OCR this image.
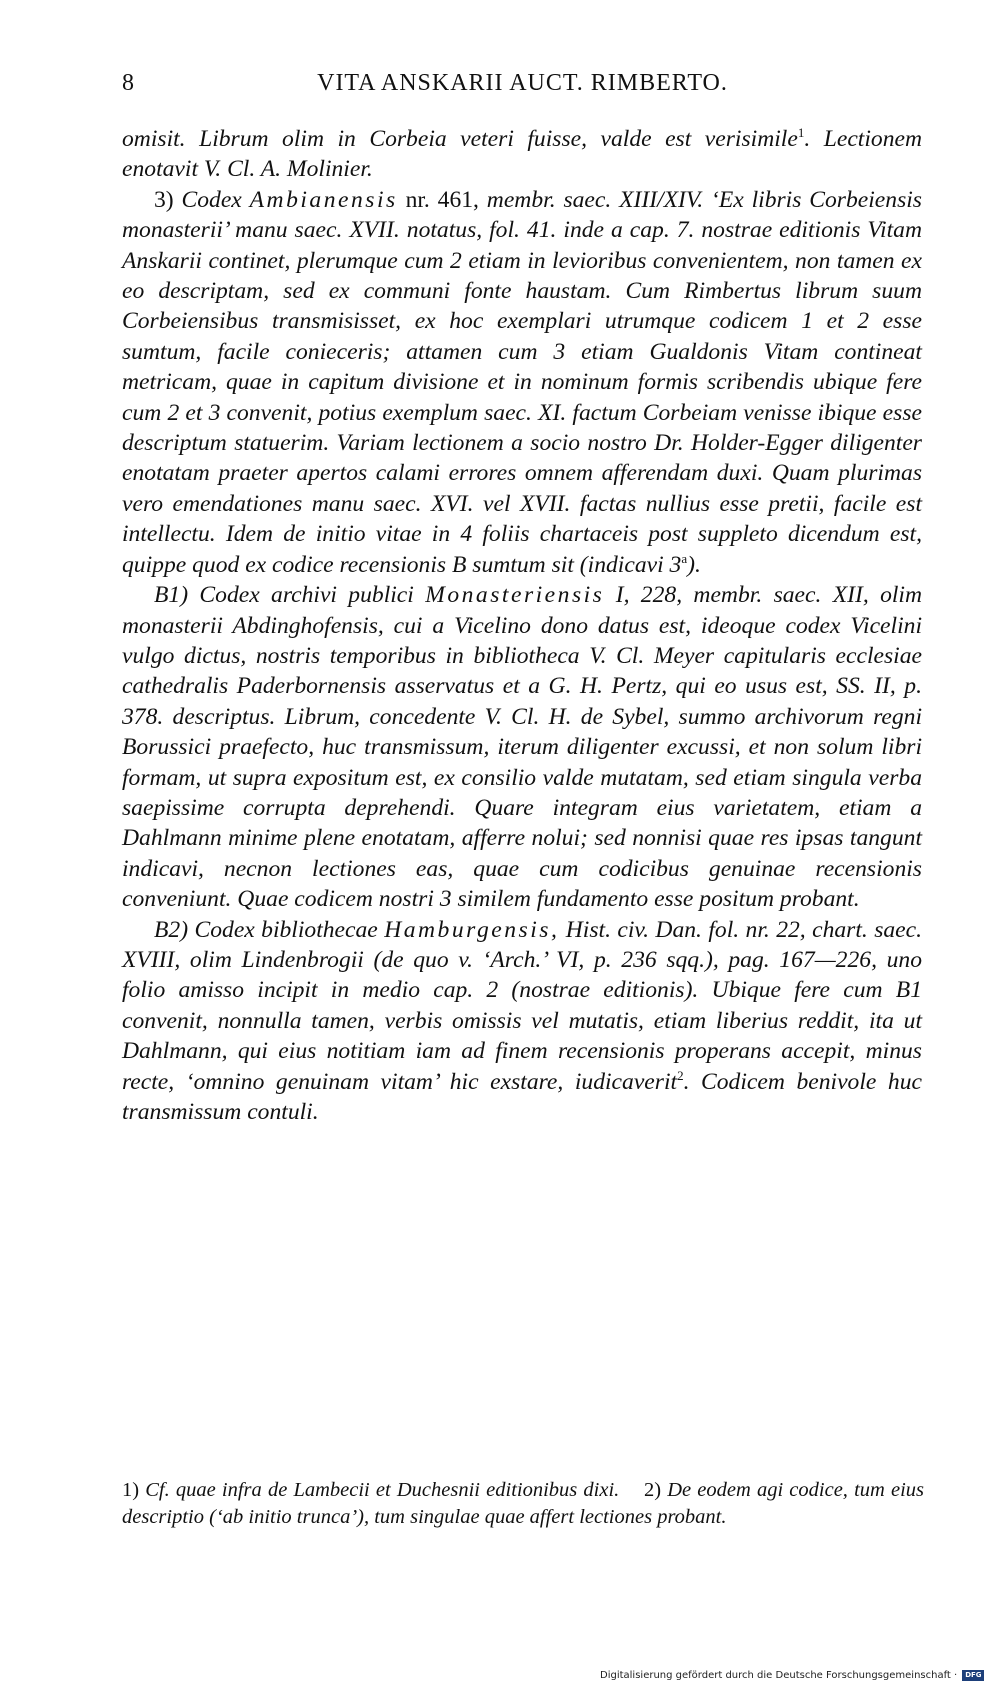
8	VITA ANSKARII AUCT. RIMBERTO.

omisit. Librum olim in Corbeia veteri fuisse, valde est verisimile$^1$. Lectionem enotavit V. Cl. A. Molinier.

3) Codex Ambianensis nr. 461, membr. saec. XIII/XIV. ‘Ex libris Corbeiensis monasterii’ manu saec. XVII. notatus, fol. 41. inde a cap. 7. nostrae editionis Vitam Anskarii continet, plerumque cum 2 etiam in levioribus convenientem, non tamen ex eo descriptam, sed ex communi fonte haustam. Cum Rimbertus librum suum Corbeiensibus transmisisset, ex hoc exemplari utrumque codicem 1 et 2 esse sumtum, facile conieceris; attamen cum 3 etiam Gualdonis Vitam contineat metricam, quae in capitum divisione et in nominum formis scribendis ubique fere cum 2 et 3 convenit, potius exemplum saec. XI. factum Corbeiam venisse ibique esse descriptum statuerim. Variam lectionem a socio nostro Dr. Holder-Egger diligenter enotatam praeter apertos calami errores omnem afferendam duxi. Quam plurimas vero emendationes manu saec. XVI. vel XVII. factas nullius esse pretii, facile est intellectu. Idem de initio vitae in 4 foliis chartaceis post suppleto dicendum est, quippe quod ex codice recensionis B sumtum sit (indicavi 3$^a$).

B1) Codex archivi publici Monasteriensis I, 228, membr. saec. XII, olim monasterii Abdinghofensis, cui a Vicelino dono datus est, ideoque codex Vicelini vulgo dictus, nostris temporibus in bibliotheca V. Cl. Meyer capitularis ecclesiae cathedralis Paderbornensis asservatus et a G. H. Pertz, qui eo usus est, SS. II, p. 378. descriptus. Librum, concedente V. Cl. H. de Sybel, summo archivorum regni Borussici praefecto, huc transmissum, iterum diligenter excussi, et non solum libri formam, ut supra expositum est, ex consilio valde mutatam, sed etiam singula verba saepissime corrupta deprehendi. Quare integram eius varietatem, etiam a Dahlmann minime plene enotatam, afferre nolui; sed nonnisi quae res ipsas tangunt indicavi, necnon lectiones eas, quae cum codicibus genuinae recensionis conveniunt. Quae codicem nostri 3 similem fundamento esse positum probant.

B2) Codex bibliothecae Hamburgensis, Hist. civ. Dan. fol. nr. 22, chart. saec. XVIII, olim Lindenbrogii (de quo v. ‘Arch.’ VI, p. 236 sqq.), pag. 167—226, uno folio amisso incipit in medio cap. 2 (nostrae editionis). Ubique fere cum B1 convenit, nonnulla tamen, verbis omissis vel mutatis, etiam liberius reddit, ita ut Dahlmann, qui eius notitiam iam ad finem recensionis properans accepit, minus recte, ‘omnino genuinam vitam’ hic exstare, iudicaverit$^2$. Codicem benivole huc transmissum contuli.

1) Cf. quae infra de Lambecii et Duchesnii editionibus dixi. 2) De eodem agi codice, tum eius descriptio (‘ab initio trunca’), tum singulae quae affert lectiones probant.

Digitalisierung gefördert durch die Deutsche Forschungsgemeinschaft · DFG
